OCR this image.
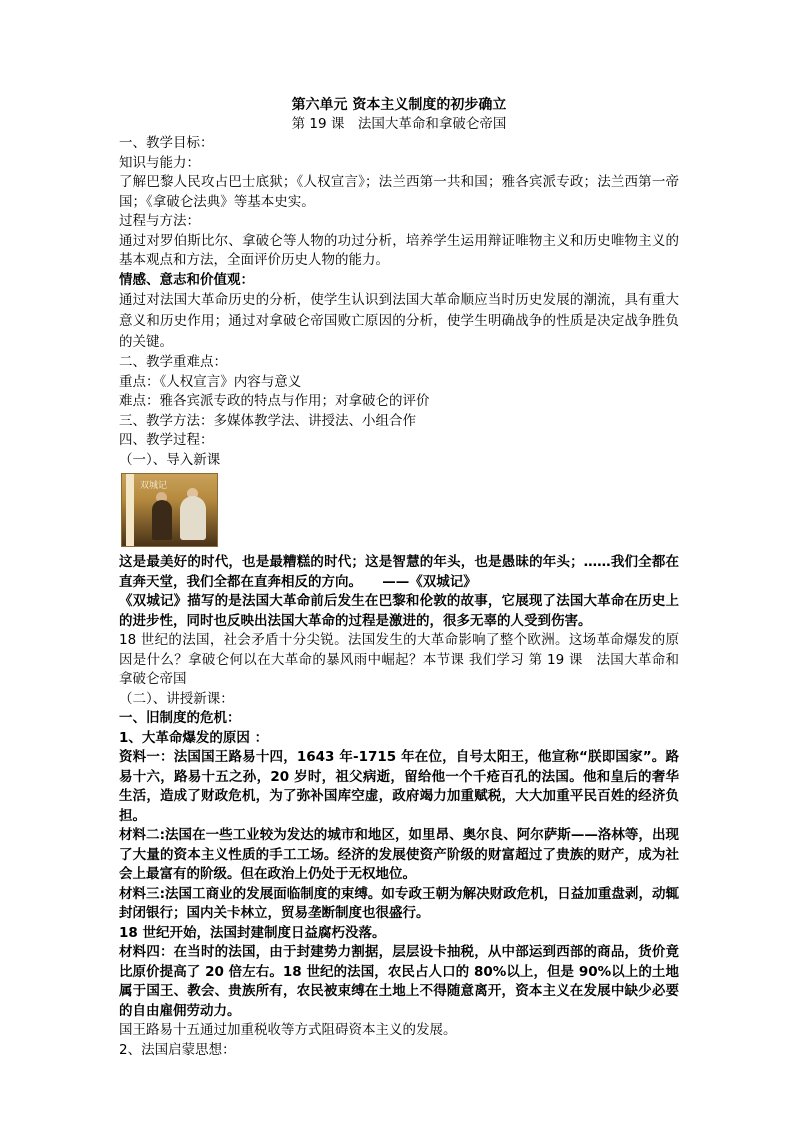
第六单元 资本主义制度的初步确立
第 19 课　法国大革命和拿破仑帝国

一、教学目标：

知识与能力：

了解巴黎人民攻占巴士底狱；《人权宣言》；法兰西第一共和国；雅各宾派专政；法兰西第一帝国；《拿破仑法典》等基本史实。

过程与方法：

通过对罗伯斯比尔、拿破仑等人物的功过分析，培养学生运用辩证唯物主义和历史唯物主义的基本观点和方法，全面评价历史人物的能力。

情感、意志和价值观：

通过对法国大革命历史的分析，使学生认识到法国大革命顺应当时历史发展的潮流，具有重大意义和历史作用；通过对拿破仑帝国败亡原因的分析，使学生明确战争的性质是决定战争胜负的关键。

二、教学重难点：

重点：《人权宣言》内容与意义

难点：雅各宾派专政的特点与作用；对拿破仑的评价

三、教学方法：多媒体教学法、讲授法、小组合作

四、教学过程：

（一）、导入新课

双城记

这是最美好的时代，也是最糟糕的时代；这是智慧的年头，也是愚昧的年头；……我们全都在直奔天堂，我们全都在直奔相反的方向。　　——《双城记》

《双城记》描写的是法国大革命前后发生在巴黎和伦敦的故事，它展现了法国大革命在历史上的进步性，同时也反映出法国大革命的过程是激进的，很多无辜的人受到伤害。

18 世纪的法国，社会矛盾十分尖锐。法国发生的大革命影响了整个欧洲。这场革命爆发的原因是什么？拿破仑何以在大革命的暴风雨中崛起？本节课 我们学习 第 19 课　法国大革命和拿破仑帝国

（二）、讲授新课：

一、旧制度的危机：

1、大革命爆发的原因 ：

资料一：法国国王路易十四，1643 年-1715 年在位，自号太阳王，他宣称“朕即国家”。路易十六，路易十五之孙，20 岁时，祖父病逝，留给他一个千疮百孔的法国。他和皇后的奢华生活，造成了财政危机，为了弥补国库空虚，政府竭力加重赋税，大大加重平民百姓的经济负担。

材料二:法国在一些工业较为发达的城市和地区，如里昂、奥尔良、阿尔萨斯——洛林等，出现了大量的资本主义性质的手工工场。经济的发展使资产阶级的财富超过了贵族的财产，成为社会上最富有的阶级。但在政治上仍处于无权地位。

材料三:法国工商业的发展面临制度的束缚。如专政王朝为解决财政危机，日益加重盘剥，动辄封闭银行；国内关卡林立，贸易垄断制度也很盛行。

18 世纪开始，法国封建制度日益腐朽没落。

材料四：在当时的法国，由于封建势力割据，层层设卡抽税，从中部运到西部的商品，货价竟比原价提高了 20 倍左右。18 世纪的法国，农民占人口的 80%以上，但是 90%以上的土地属于国王、教会、贵族所有，农民被束缚在土地上不得随意离开，资本主义在发展中缺少必要的自由雇佣劳动力。

国王路易十五通过加重税收等方式阻碍资本主义的发展。

2、法国启蒙思想：
